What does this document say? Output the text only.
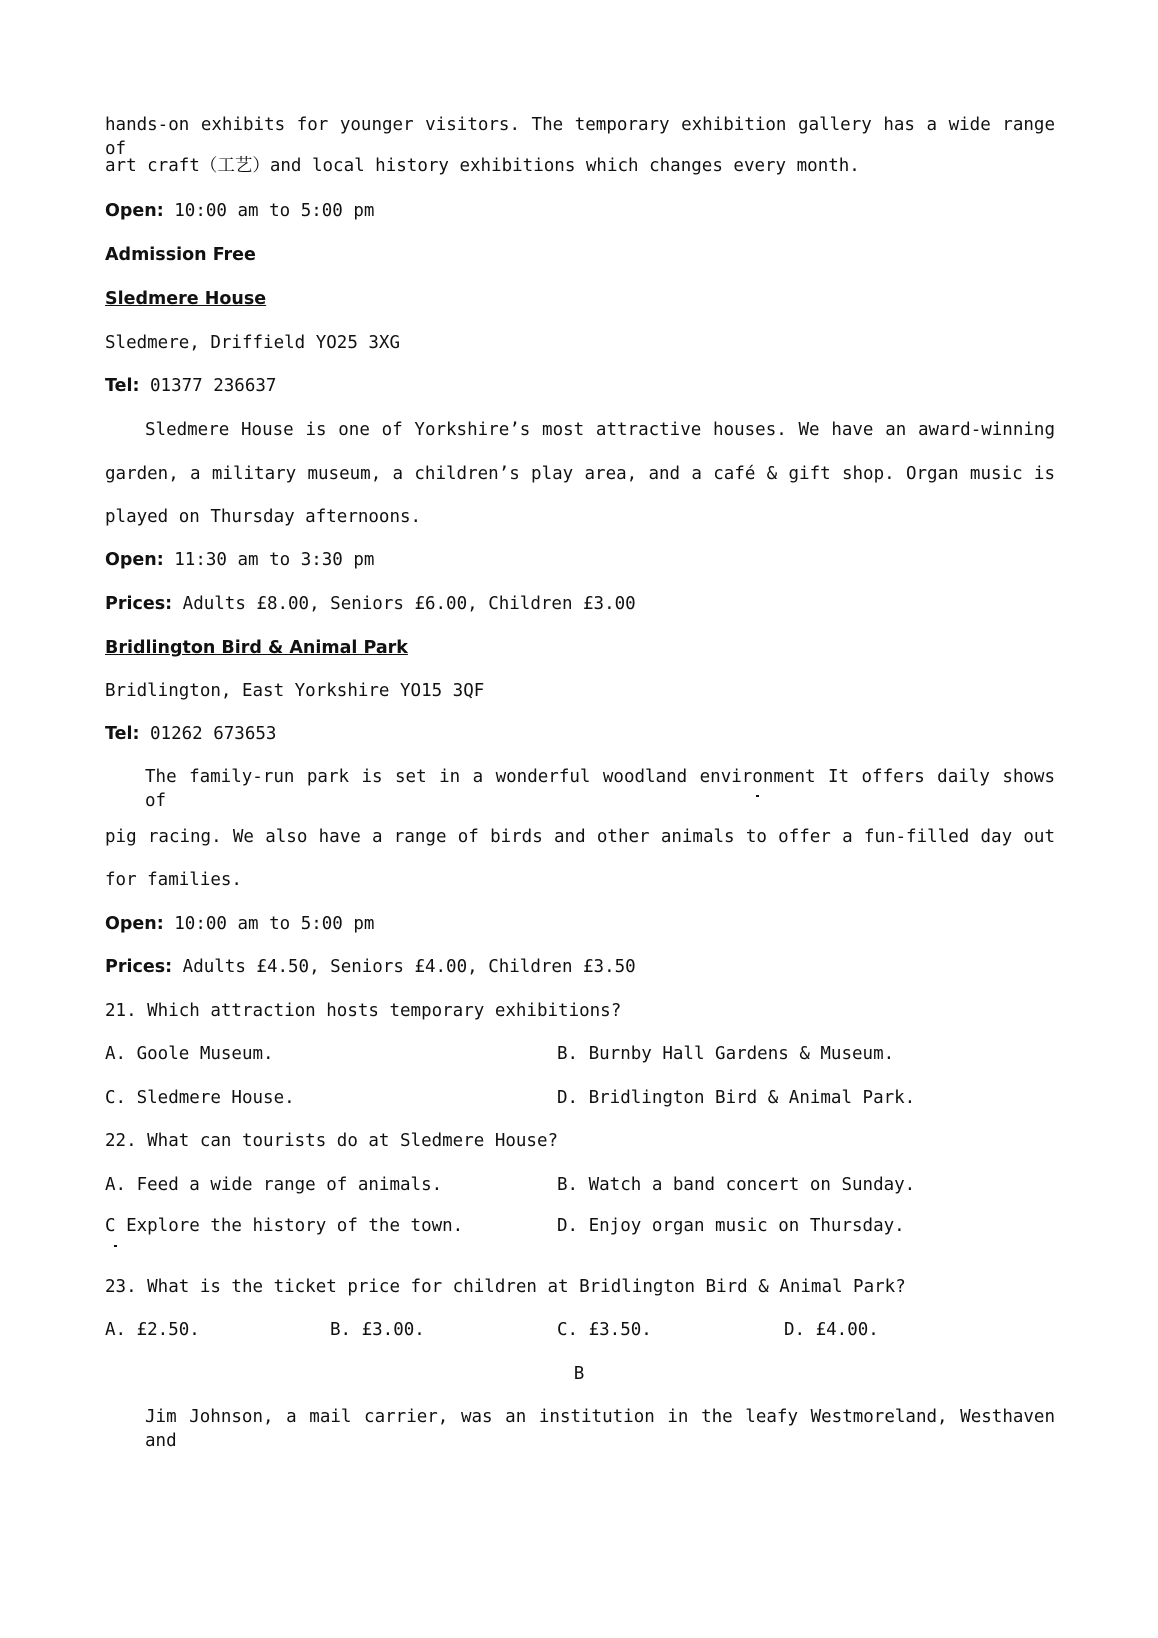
hands-on exhibits for younger visitors. The temporary exhibition gallery has a wide range of
art craft（工艺）and local history exhibitions which changes every month.
Open: 10:00 am to 5:00 pm
Admission Free
Sledmere House
Sledmere, Driffield YO25 3XG
Tel: 01377 236637
Sledmere House is one of Yorkshire’s most attractive houses. We have an award-winning
garden, a military museum, a children’s play area, and a café & gift shop. Organ music is
played on Thursday afternoons.
Open: 11:30 am to 3:30 pm
Prices: Adults £8.00, Seniors £6.00, Children £3.00
Bridlington Bird & Animal Park
Bridlington, East Yorkshire YO15 3QF
Tel: 01262 673653
The family-run park is set in a wonderful woodland environment It offers daily shows of
pig racing. We also have a range of birds and other animals to offer a fun-filled day out
for families.
Open: 10:00 am to 5:00 pm
Prices: Adults £4.50, Seniors £4.00, Children £3.50
21. Which attraction hosts temporary exhibitions?
A. Goole Museum.	B. Burnby Hall Gardens & Museum.
C. Sledmere House.	D. Bridlington Bird & Animal Park.
22. What can tourists do at Sledmere House?
A. Feed a wide range of animals.	B. Watch a band concert on Sunday.
C Explore the history of the town.	D. Enjoy organ music on Thursday.
23. What is the ticket price for children at Bridlington Bird & Animal Park?
A. £2.50.	B. £3.00.	C. £3.50.	D. £4.00.
B
Jim Johnson, a mail carrier, was an institution in the leafy Westmoreland, Westhaven and
